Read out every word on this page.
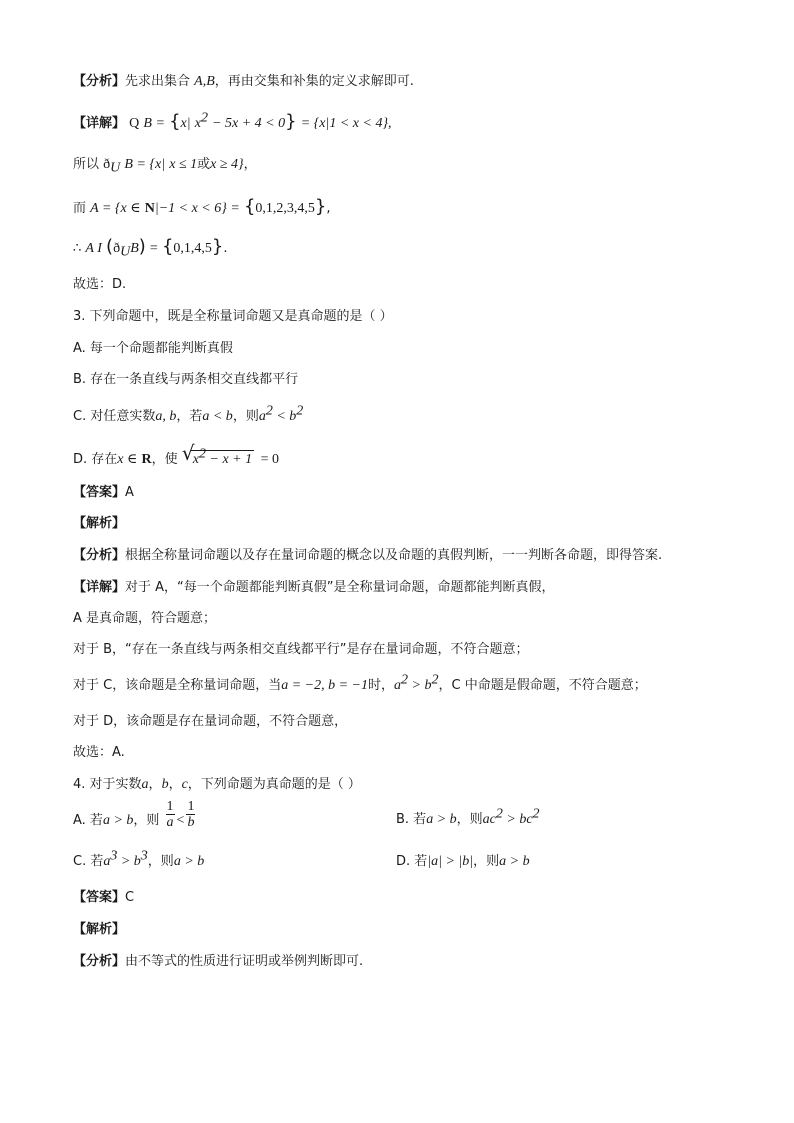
【分析】先求出集合 A,B，再由交集和补集的定义求解即可.
【详解】 Q B = {x| $x^2 - 5x + 4 < 0\} = \{x|1 < x < 4\}$,
所以 $ð_U$ B = {x| x ≤ 1或x ≥ 4}，
而 A = {x ∈ N|−1 < x < 6} = {0,1,2,3,4,5},
∴ A I $(ð_UB) = \{0,1,4,5\}$.
故选：D.
3. 下列命题中，既是全称量词命题又是真命题的是（ ）
A. 每一个命题都能判断真假
B. 存在一条直线与两条相交直线都平行
C. 对任意实数a, b，若a < b，则$a^2 < b^2$
D. 存在x ∈ R，使 √
$x^2 - x + 1 = 0$
【答案】A
【解析】
【分析】根据全称量词命题以及存在量词命题的概念以及命题的真假判断，一一判断各命题，即得答案.
【详解】对于 A，“每一个命题都能判断真假”是全称量词命题，命题都能判断真假，
A 是真命题，符合题意；
对于 B，“存在一条直线与两条相交直线都平行”是存在量词命题，不符合题意；
对于 C，该命题是全称量词命题，当a = −2, b = −1时，$a^2 > b^2$，C 中命题是假命题，不符合题意；
对于 D，该命题是存在量词命题，不符合题意，
故选：A.
4. 对于实数a，b，c，下列命题为真命题的是（ ）
A. 若a > b，则 $\frac{1}{a} < \frac{1}{b}$	B. 若a > b，则$ac^2 > bc^2$
C. 若$a^3 > b^3$，则a > b	D. 若|a| > |b|，则a > b
【答案】C
【解析】
【分析】由不等式的性质进行证明或举例判断即可.
